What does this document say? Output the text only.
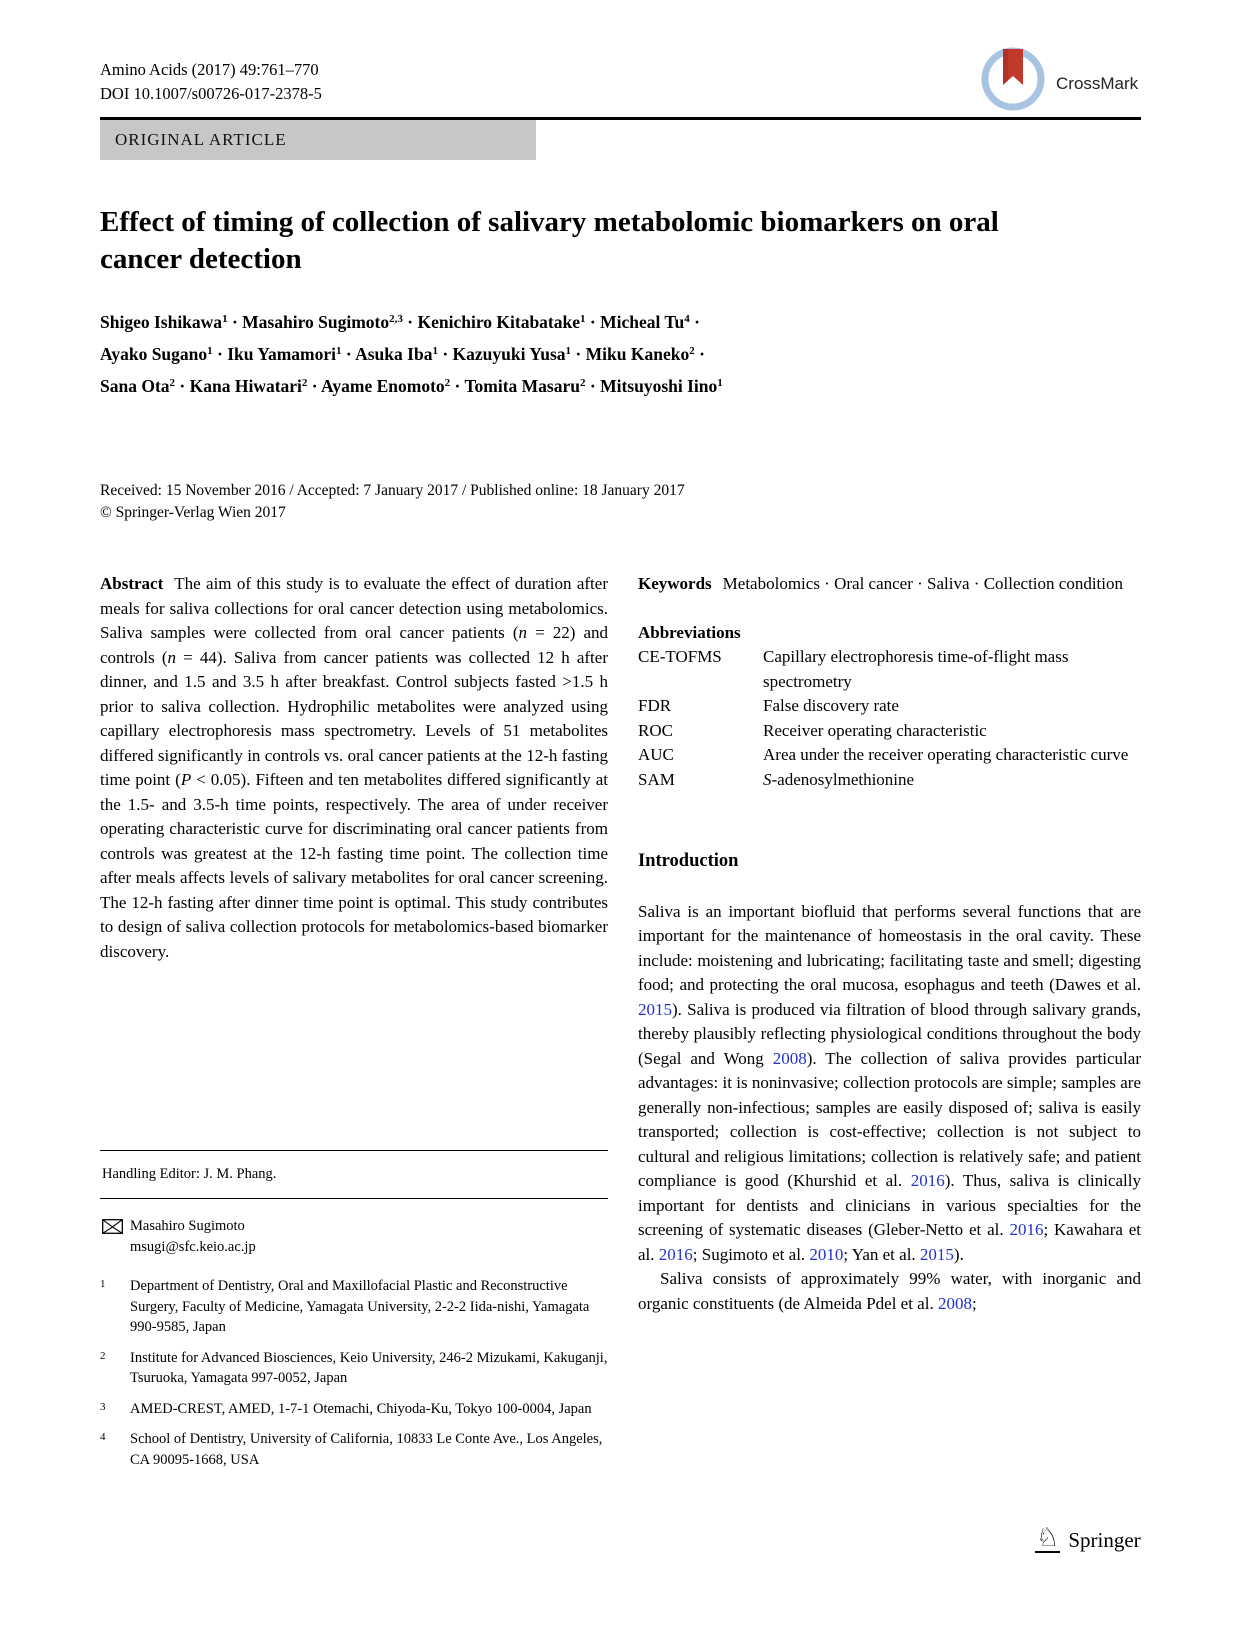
Amino Acids (2017) 49:761–770
DOI 10.1007/s00726-017-2378-5
CrossMark
ORIGINAL ARTICLE
Effect of timing of collection of salivary metabolomic biomarkers on oral cancer detection
Shigeo Ishikawa$^1$ · Masahiro Sugimoto$^{2,3}$ · Kenichiro Kitabatake$^1$ · Micheal $Tu^4$ ·
Ayako Sugano$^1$ · Iku Yamamori$^1$ · Asuka Iba$^1$ · Kazuyuki Yusa$^1$ · Miku Kaneko$^2$ ·
Sana Ota$^2$ · Kana Hiwatari$^2$ · Ayame Enomoto$^2$ · Tomita Masaru$^2$ · Mitsuyoshi Iino$^1$
Received: 15 November 2016 / Accepted: 7 January 2017 / Published online: 18 January 2017
© Springer-Verlag Wien 2017

Abstract The aim of this study is to evaluate the effect of duration after meals for saliva collections for oral cancer detection using metabolomics. Saliva samples were collected from oral cancer patients (n = 22) and controls (n = 44). Saliva from cancer patients was collected 12 h after dinner, and 1.5 and 3.5 h after breakfast. Control subjects fasted >1.5 h prior to saliva collection. Hydrophilic metabolites were analyzed using capillary electrophoresis mass spectrometry. Levels of 51 metabolites differed significantly in controls vs. oral cancer patients at the 12-h fasting time point (P < 0.05). Fifteen and ten metabolites differed significantly at the 1.5- and 3.5-h time points, respectively. The area of under receiver operating characteristic curve for discriminating oral cancer patients from controls was greatest at the 12-h fasting time point. The collection time after meals affects levels of salivary metabolites for oral cancer screening. The 12-h fasting after dinner time point is optimal. This study contributes to design of saliva collection protocols for metabolomics-based biomarker discovery.

Keywords Metabolomics · Oral cancer · Saliva · Collection condition

Abbreviations
CE-TOFMS	Capillary electrophoresis time-of-flight mass spectrometry
FDR	False discovery rate
ROC	Receiver operating characteristic
AUC	Area under the receiver operating characteristic curve
SAM	S-adenosylmethionine
Introduction

Saliva is an important biofluid that performs several functions that are important for the maintenance of homeostasis in the oral cavity. These include: moistening and lubricating; facilitating taste and smell; digesting food; and protecting the oral mucosa, esophagus and teeth (Dawes et al. 2015). Saliva is produced via filtration of blood through salivary grands, thereby plausibly reflecting physiological conditions throughout the body (Segal and Wong 2008). The collection of saliva provides particular advantages: it is noninvasive; collection protocols are simple; samples are generally non-infectious; samples are easily disposed of; saliva is easily transported; collection is cost-effective; collection is not subject to cultural and religious limitations; collection is relatively safe; and patient compliance is good (Khurshid et al. 2016). Thus, saliva is clinically important for dentists and clinicians in various specialties for the screening of systematic diseases (Gleber-Netto et al. 2016; Kawahara et al. 2016; Sugimoto et al. 2010; Yan et al. 2015).

Saliva consists of approximately 99% water, with inorganic and organic constituents (de Almeida Pdel et al. 2008;

Handling Editor: J. M. Phang.
Masahiro Sugimoto
msugi@sfc.keio.ac.jp
1	Department of Dentistry, Oral and Maxillofacial Plastic and Reconstructive Surgery, Faculty of Medicine, Yamagata University, 2-2-2 Iida-nishi, Yamagata 990-9585, Japan
2	Institute for Advanced Biosciences, Keio University, 246-2 Mizukami, Kakuganji, Tsuruoka, Yamagata 997-0052, Japan
3	AMED-CREST, AMED, 1-7-1 Otemachi, Chiyoda-Ku, Tokyo 100-0004, Japan
4	School of Dentistry, University of California, 10833 Le Conte Ave., Los Angeles, CA 90095-1668, USA
♘ Springer
